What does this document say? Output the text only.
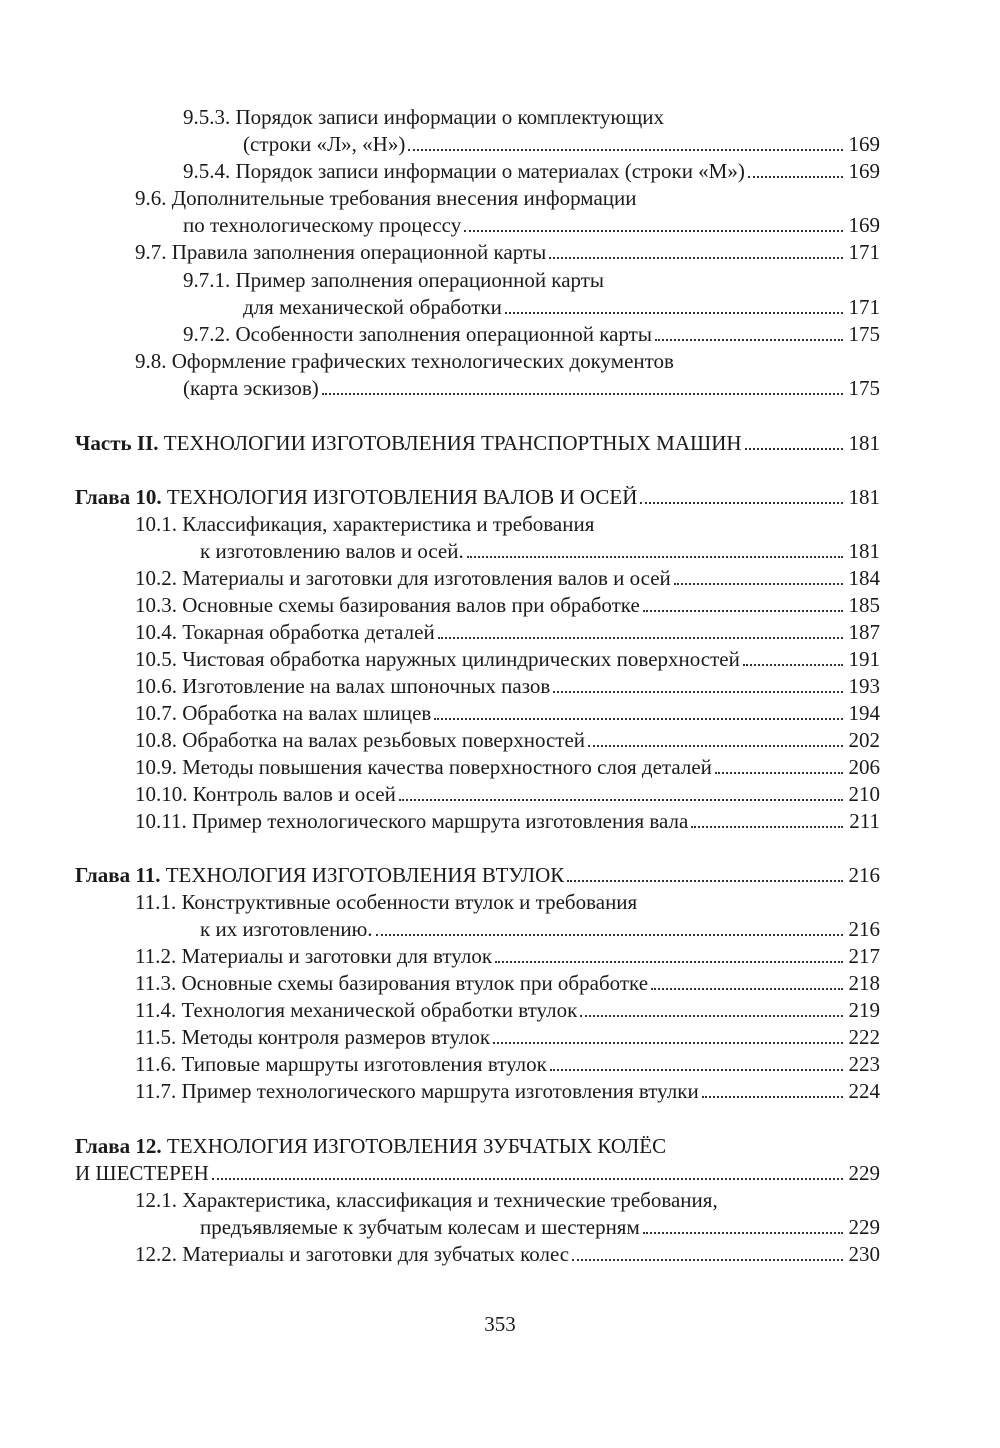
9.5.3. Порядок записи информации о комплектующих
(строки «Л», «Н»)	169
9.5.4. Порядок записи информации о материалах (строки «М»)	169
9.6. Дополнительные требования внесения информации
по технологическому процессу	169
9.7. Правила заполнения операционной карты	171
9.7.1. Пример заполнения операционной карты
для механической обработки	171
9.7.2. Особенности заполнения операционной карты	175
9.8. Оформление графических технологических документов
(карта эскизов)	175
Часть II.
ТЕХНОЛОГИИ ИЗГОТОВЛЕНИЯ ТРАНСПОРТНЫХ МАШИН	181
Глава 10.
ТЕХНОЛОГИЯ ИЗГОТОВЛЕНИЯ ВАЛОВ И ОСЕЙ	181
10.1. Классификация, характеристика и требования
к изготовлению валов и осей.	181
10.2. Материалы и заготовки для изготовления валов и осей	184
10.3. Основные схемы базирования валов при обработке	185
10.4. Токарная обработка деталей	187
10.5. Чистовая обработка наружных цилиндрических поверхностей	191
10.6. Изготовление на валах шпоночных пазов	193
10.7. Обработка на валах шлицев	194
10.8. Обработка на валах резьбовых поверхностей	202
10.9. Методы повышения качества поверхностного слоя деталей	206
10.10. Контроль валов и осей	210
10.11. Пример технологического маршрута изготовления вала	211
Глава 11.
ТЕХНОЛОГИЯ ИЗГОТОВЛЕНИЯ ВТУЛОК	216
11.1. Конструктивные особенности втулок и требования
к их изготовлению.	216
11.2. Материалы и заготовки для втулок	217
11.3. Основные схемы базирования втулок при обработке	218
11.4. Технология механической обработки втулок	219
11.5. Методы контроля размеров втулок	222
11.6. Типовые маршруты изготовления втулок	223
11.7. Пример технологического маршрута изготовления втулки	224
Глава 12.
ТЕХНОЛОГИЯ ИЗГОТОВЛЕНИЯ ЗУБЧАТЫХ КОЛЁС
И ШЕСТЕРЕН	229
12.1. Характеристика, классификация и технические требования,
предъявляемые к зубчатым колесам и шестерням	229
12.2. Материалы и заготовки для зубчатых колес	230
353
